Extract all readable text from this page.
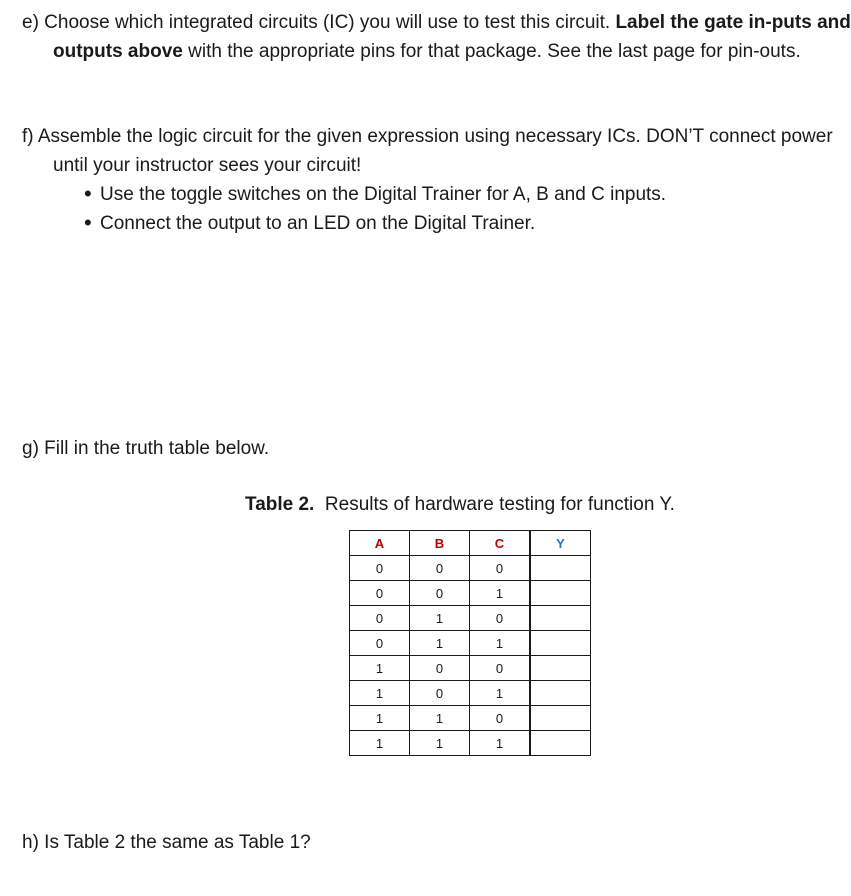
e) Choose which integrated circuits (IC) you will use to test this circuit. Label the gate in-puts and outputs above with the appropriate pins for that package. See the last page for pin-outs.

f) Assemble the logic circuit for the given expression using necessary ICs. DON’T connect power until your instructor sees your circuit!

• Use the toggle switches on the Digital Trainer for A, B and C inputs.
• Connect the output to an LED on the Digital Trainer.

g) Fill in the truth table below.

Table 2. Results of hardware testing for function Y.

A	B	C	Y
0	0	0	
0	0	1	
0	1	0	
0	1	1	
1	0	0	
1	0	1	
1	1	0	
1	1	1	

h) Is Table 2 the same as Table 1?
